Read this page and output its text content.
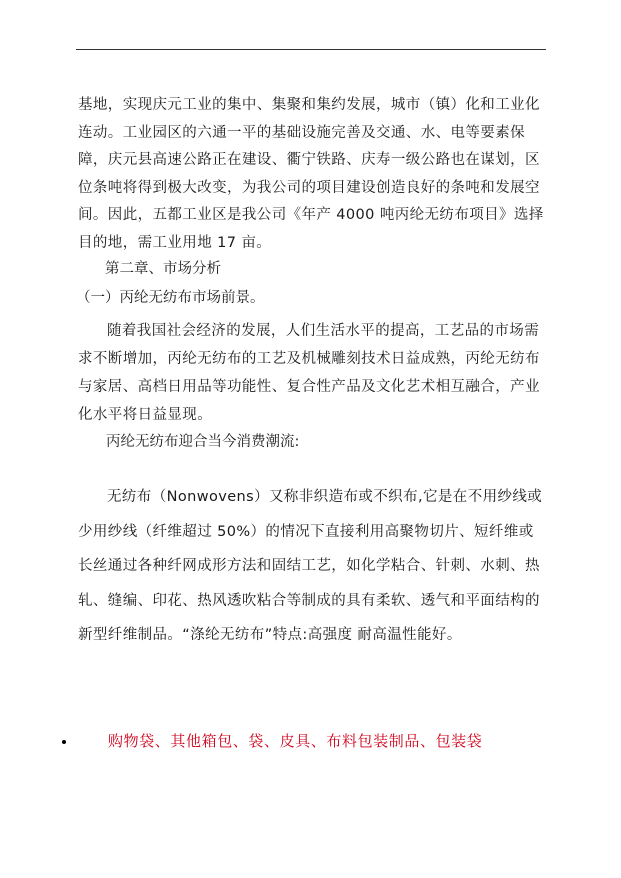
基地，实现庆元工业的集中、集聚和集约发展，城市（镇）化和工业化连动。工业园区的六通一平的基础设施完善及交通、水、电等要素保障，庆元县高速公路正在建设、衢宁铁路、庆寿一级公路也在谋划，区位条吨将得到极大改变，为我公司的项目建设创造良好的条吨和发展空间。因此，五都工业区是我公司《年产 4000 吨丙纶无纺布项目》选择目的地，需工业用地 17 亩。
第二章、市场分析
（一）丙纶无纺布市场前景。
随着我国社会经济的发展，人们生活水平的提高，工艺品的市场需求不断增加，丙纶无纺布的工艺及机械雕刻技术日益成熟，丙纶无纺布与家居、高档日用品等功能性、复合性产品及文化艺术相互融合，产业化水平将日益显现。
丙纶无纺布迎合当今消费潮流:
无纺布（Nonwovens）又称非织造布或不织布,它是在不用纱线或少用纱线（纤维超过 50%）的情况下直接利用高聚物切片、短纤维或长丝通过各种纤网成形方法和固结工艺，如化学粘合、针刺、水刺、热轧、缝编、印花、热风透吹粘合等制成的具有柔软、透气和平面结构的新型纤维制品。“涤纶无纺布”特点:高强度 耐高温性能好。
购物袋、其他箱包、袋、皮具、布料包装制品、包装袋
